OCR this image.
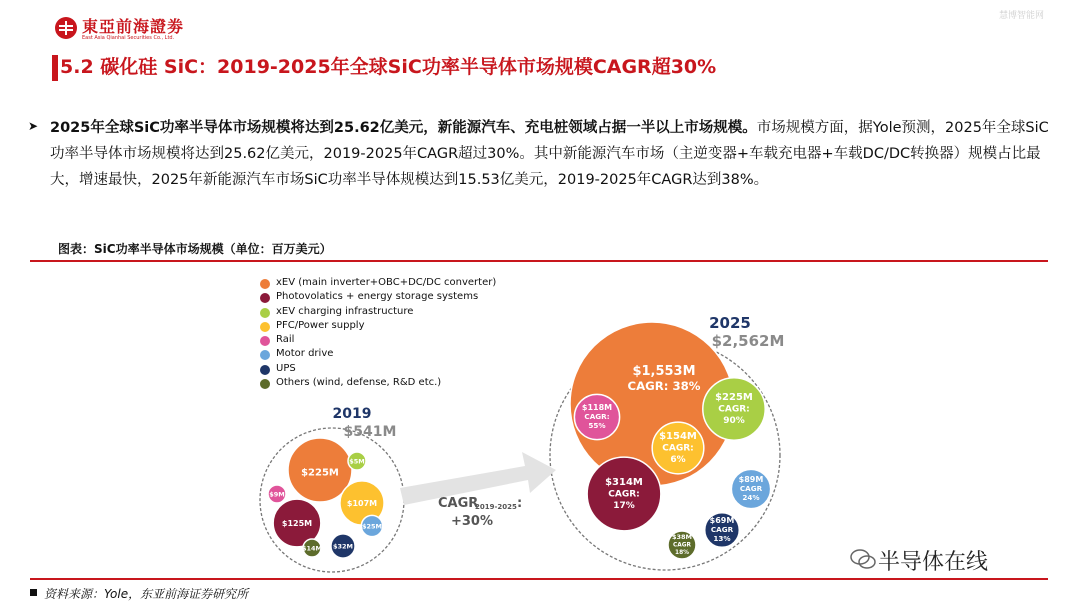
東亞前海證劵
East Asia Qianhai Securities Co., Ltd.
慧博智能网
5.2 碳化硅 SiC：2019-2025年全球SiC功率半导体市场规模CAGR超30%
➤ 2025年全球SiC功率半导体市场规模将达到25.62亿美元，新能源汽车、充电桩领域占据一半以上市场规模。市场规模方面，据Yole预测，2025年全球SiC功率半导体市场规模将达到25.62亿美元，2019-2025年CAGR超过30%。其中新能源汽车市场（主逆变器+车载充电器+车载DC/DC转换器）规模占比最大，增速最快，2025年新能源汽车市场SiC功率半导体规模达到15.53亿美元，2019-2025年CAGR达到38%。
图表：SiC功率半导体市场规模（单位：百万美元）
2019
$541M
$225M
$125M
$5M
$107M
$9M
$25M
$32M
$14M
2025
$2,562M
$1,553M
CAGR: 38%
$314M
CAGR:
17%
$225M
CAGR:
90%
$154M
CAGR:
6%
$118M
CAGR:
55%
$89M
CAGR
24%
$69M
CAGR
13%
$38M
CAGR
18%
CAGR
2019-2025 :
+30%
xEV (main inverter+OBC+DC/DC converter)
Photovolatics + energy storage systems
xEV charging infrastructure
PFC/Power supply
Rail
Motor drive
UPS
Others (wind, defense, R&D etc.)
半导体在线
资料来源：Yole，东亚前海证券研究所
